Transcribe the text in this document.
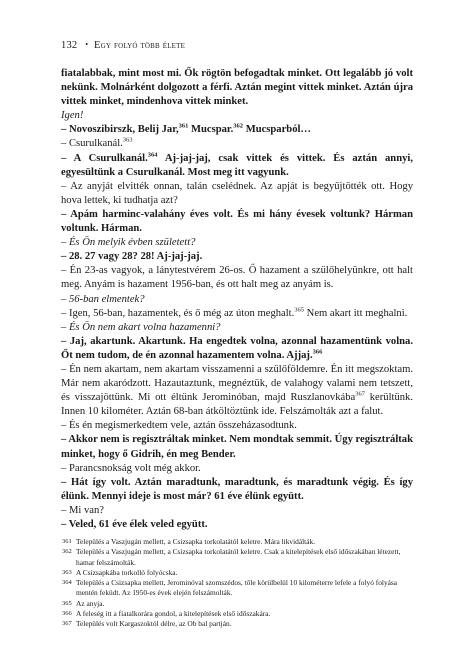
132 • Egy folyó több élete

fiatalabbak, mint most mi. Ők rögtön befogadtak minket. Ott legalább jó volt nekünk. Molnárként dolgozott a férfi. Aztán megint vittek minket. Aztán újra vittek minket, mindenhova vittek minket.

Igen!

– Novoszibirszk, Belij Jar,$^{361}$ Mucspar.$^{362}$ Mucsparból…

– Csurulkanál.$^{363}$

– A Csurulkanál.$^{364}$ Aj-jaj-jaj, csak vittek és vittek. És aztán annyi, egyesültünk a Csurulkanál. Most meg itt vagyunk.

– Az anyját elvitték onnan, talán cselédnek. Az apját is begyűjtötték ott. Hogy hova lettek, ki tudhatja azt?

– Apám harminc-valahány éves volt. És mi hány évesek voltunk? Hárman voltunk. Hárman.

– És Ön melyik évben született?

– 28. 27 vagy 28? 28! Aj-jaj-jaj.

– Én 23-as vagyok, a lánytestvérem 26-os. Ő hazament a szülőhelyünkre, ott halt meg. Anyám is hazament 1956-ban, és ott halt meg az anyám is.

– 56-ban elmentek?

– Igen, 56-ban, hazamentek, és ő még az úton meghalt.$^{365}$ Nem akart itt meghalni.

– És Ön nem akart volna hazamenni?

– Jaj, akartunk. Akartunk. Ha engedtek volna, azonnal hazamentünk volna. Őt nem tudom, de én azonnal hazamentem volna. Ajjaj.$^{366}$

– Én nem akartam, nem akartam visszamenni a szülőföldemre. Én itt megszoktam. Már nem akaródzott. Hazautaztunk, megnéztük, de valahogy valami nem tetszett, és visszajöttünk. Mi ott éltünk Jerominóban, majd Ruszlanovkába$^{367}$ kerültünk. Innen 10 kilométer. Aztán 68-ban átköltöztünk ide. Felszámolták azt a falut.

– És én megismerkedtem vele, aztán összeházasodtunk.

– Akkor nem is regisztráltak minket. Nem mondtak semmit. Úgy regisztráltak minket, hogy ő Gidrih, én meg Bender.

– Parancsnokság volt még akkor.

– Hát így volt. Aztán maradtunk, maradtunk, és maradtunk végig. És így élünk. Mennyi ideje is most már? 61 éve élünk együtt.

– Mi van?

– Veled, 61 éve élek veled együtt.

361 Település a Vaszjugán mellett, a Csizsapka torkolatától keletre. Mára likvidálták.
362 Település a Vaszjugán mellett, a Csizsapka torkolatától keletre. Csak a kitelepítések első időszakában létezett, hamar felszámolták.
363 A Csizsapkába torkolló folyócska.
364 Település a Csizsapka mellett, Jerominóval szomszédos, tőle körülbelül 10 kilométerre lefele a folyó folyása mentén feküdt. Az 1950-es évek elején felszámolták.
365 Az anyja.
366 A feleség itt a fiatalkorára gondol, a kitelepítések első időszakára.
367 Település volt Kargaszoktól délre, az Ob bal partján.
